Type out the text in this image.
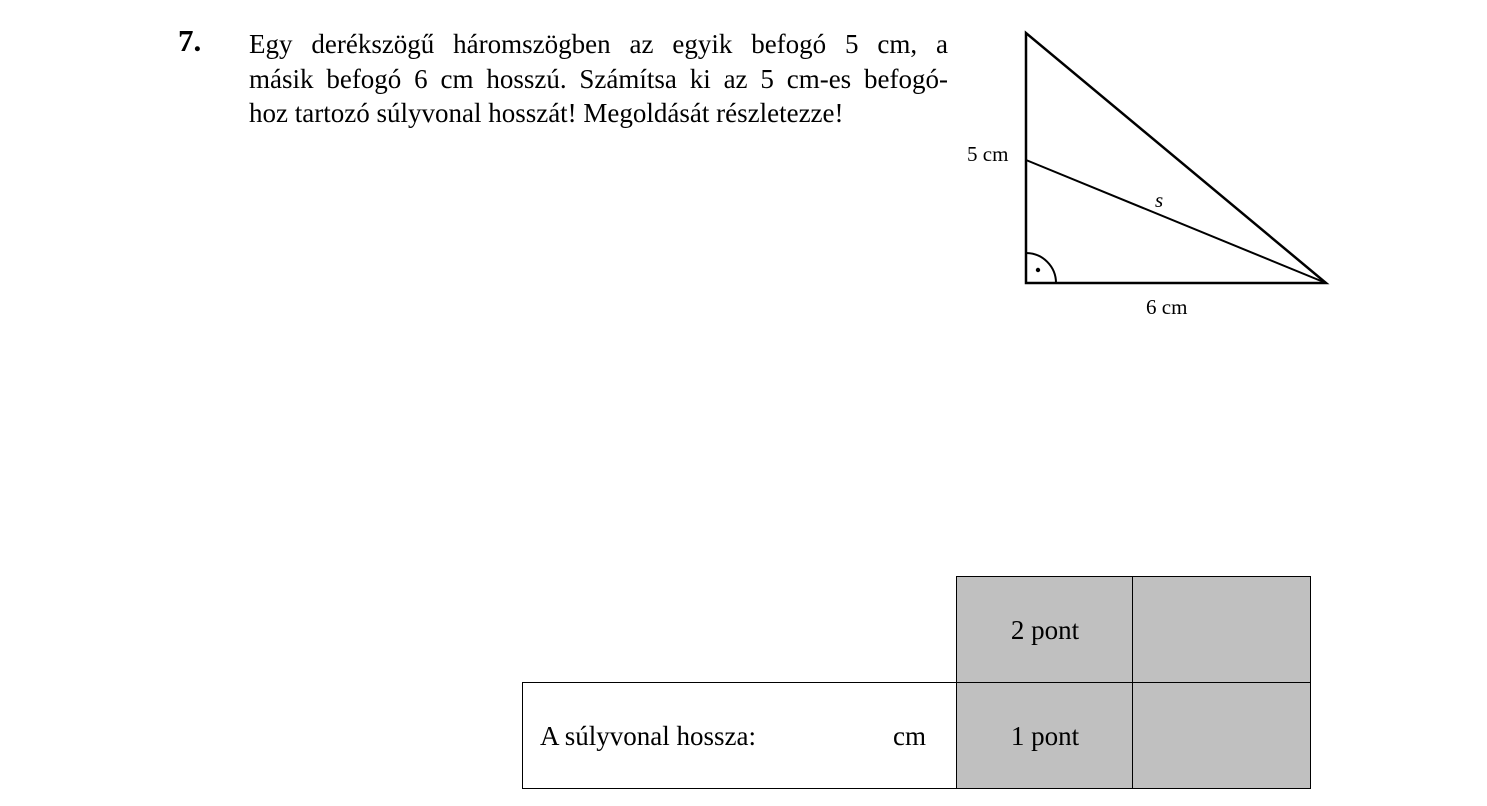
7. Egy derékszögű háromszögben az egyik befogó 5 cm, a
másik befogó 6 cm hosszú. Számítsa ki az 5 cm-es befogó-
hoz tartozó súlyvonal hosszát! Megoldását részletezze!
5 cm
6 cm
s
2 pont
A súlyvonal hossza:	cm	1 pont
